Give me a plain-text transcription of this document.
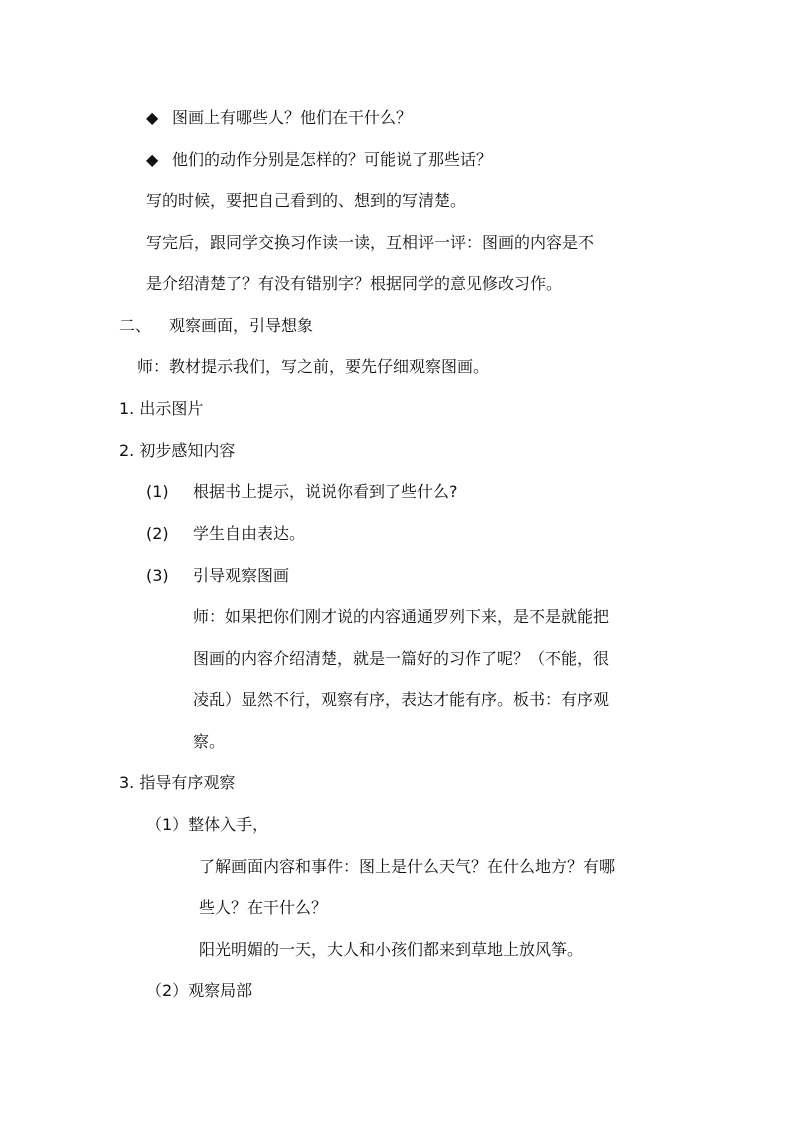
◆ 图画上有哪些人？他们在干什么？
◆ 他们的动作分别是怎样的？可能说了那些话？
写的时候，要把自己看到的、想到的写清楚。
写完后，跟同学交换习作读一读，互相评一评：图画的内容是不
是介绍清楚了？有没有错别字？根据同学的意见修改习作。
二、 观察画面，引导想象
师：教材提示我们，写之前，要先仔细观察图画。
1. 出示图片
2. 初步感知内容
(1) 根据书上提示，说说你看到了些什么?
(2) 学生自由表达。
(3) 引导观察图画
师：如果把你们刚才说的内容通通罗列下来，是不是就能把
图画的内容介绍清楚，就是一篇好的习作了呢？（不能，很
凌乱）显然不行，观察有序，表达才能有序。板书：有序观
察。
3. 指导有序观察
（1）整体入手，
了解画面内容和事件：图上是什么天气？在什么地方？有哪
些人？在干什么？
阳光明媚的一天，大人和小孩们都来到草地上放风筝。
（2）观察局部
